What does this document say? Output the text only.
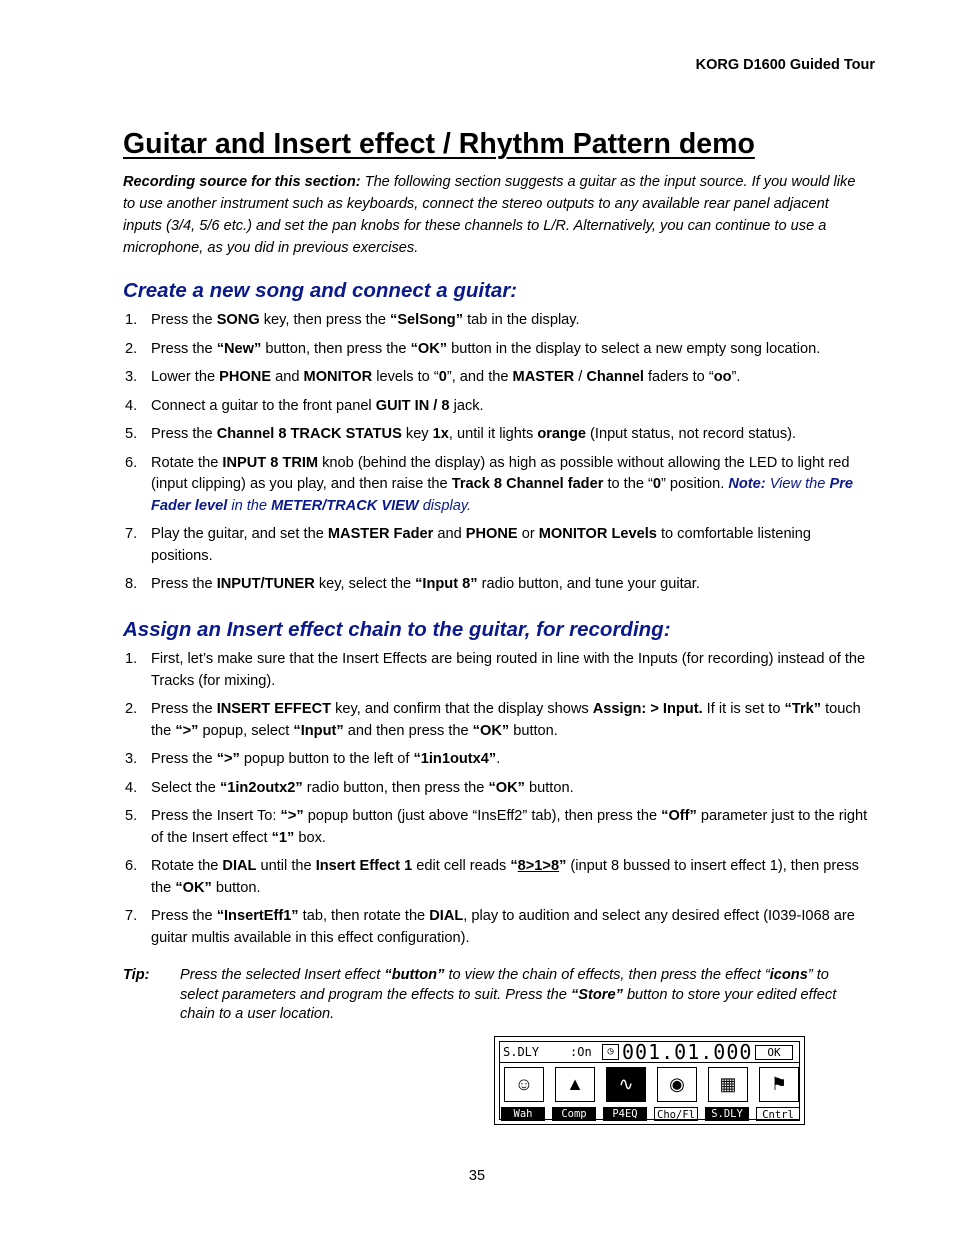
KORG D1600 Guided Tour
Guitar and Insert effect / Rhythm Pattern demo
Recording source for this section: The following section suggests a guitar as the input source. If you would like to use another instrument such as keyboards, connect the stereo outputs to any available rear panel adjacent inputs (3/4, 5/6 etc.) and set the pan knobs for these channels to L/R. Alternatively, you can continue to use a microphone, as you did in previous exercises.
Create a new song and connect a guitar:
1. Press the SONG key, then press the “SelSong” tab in the display.
2. Press the “New” button, then press the “OK” button in the display to select a new empty song location.
3. Lower the PHONE and MONITOR levels to “0”, and the MASTER / Channel faders to “oo”.
4. Connect a guitar to the front panel GUIT IN / 8 jack.
5. Press the Channel 8 TRACK STATUS key 1x, until it lights orange (Input status, not record status).
6. Rotate the INPUT 8 TRIM knob (behind the display) as high as possible without allowing the LED to light red (input clipping) as you play, and then raise the Track 8 Channel fader to the “0” position. Note: View the Pre Fader level in the METER/TRACK VIEW display.
7. Play the guitar, and set the MASTER Fader and PHONE or MONITOR Levels to comfortable listening positions.
8. Press the INPUT/TUNER key, select the “Input 8” radio button, and tune your guitar.
Assign an Insert effect chain to the guitar, for recording:
1. First, let’s make sure that the Insert Effects are being routed in line with the Inputs (for recording) instead of the Tracks (for mixing).
2. Press the INSERT EFFECT key, and confirm that the display shows Assign: > Input. If it is set to “Trk” touch the “>” popup, select “Input” and then press the “OK” button.
3. Press the “>” popup button to the left of “1in1outx4”.
4. Select the “1in2outx2” radio button, then press the “OK” button.
5. Press the Insert To: “>” popup button (just above “InsEff2” tab), then press the “Off” parameter just to the right of the Insert effect “1” box.
6. Rotate the DIAL until the Insert Effect 1 edit cell reads “8>1>8” (input 8 bussed to insert effect 1), then press the “OK” button.
7. Press the “InsertEff1” tab, then rotate the DIAL, play to audition and select any desired effect (I039-I068 are guitar multis available in this effect configuration).
Tip: Press the selected Insert effect “button” to view the chain of effects, then press the effect “icons” to select parameters and program the effects to suit. Press the “Store” button to store your edited effect chain to a user location.
S.DLY	:On	◷ 001.01.000	OK
☺	▲	∿	◉	▦	⚑
Wah	Comp	P4EQ	Cho/Fl	S.DLY	Cntrl
35
